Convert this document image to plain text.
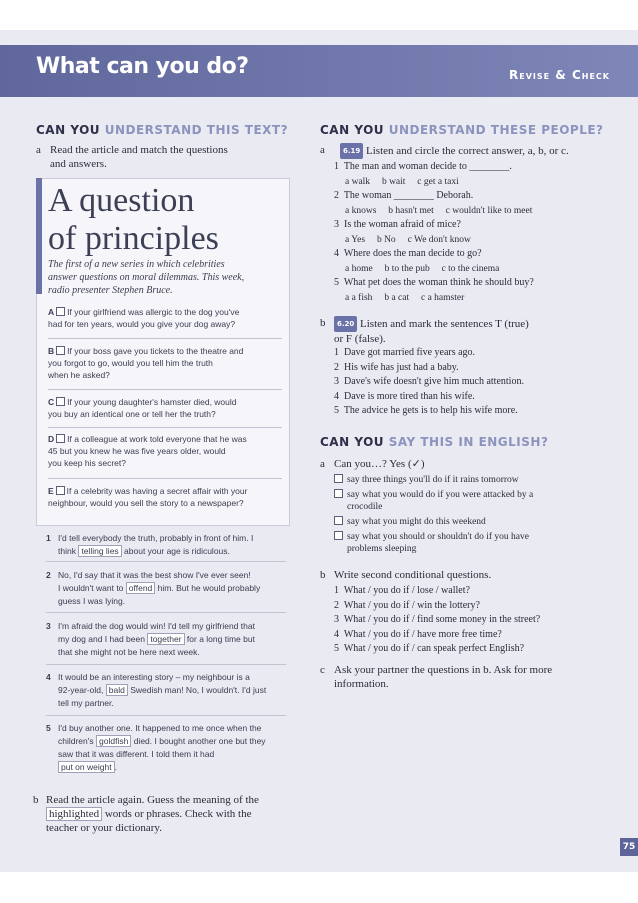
What can you do?	Revise & Check
CAN YOU UNDERSTAND THIS TEXT?
a Read the article and match the questions
and answers.
A question
of principles
The first of a new series in which celebrities
answer questions on moral dilemmas. This week,
radio presenter Stephen Bruce.
A If your girlfriend was allergic to the dog you've
had for ten years, would you give your dog away?
B If your boss gave you tickets to the theatre and
you forgot to go, would you tell him the truth
when he asked?
C If your young daughter's hamster died, would
you buy an identical one or tell her the truth?
D If a colleague at work told everyone that he was
45 but you knew he was five years older, would
you keep his secret?
E If a celebrity was having a secret affair with your
neighbour, would you sell the story to a newspaper?
1 I'd tell everybody the truth, probably in front of him. I
think telling lies about your age is ridiculous.
2 No, I'd say that it was the best show I've ever seen!
I wouldn't want to offend him. But he would probably
guess I was lying.
3 I'm afraid the dog would win! I'd tell my girlfriend that
my dog and I had been together for a long time but
that she might not be here next week.
4 It would be an interesting story – my neighbour is a
92-year-old, bald Swedish man! No, I wouldn't. I'd just
tell my partner.
5 I'd buy another one. It happened to me once when the
children's goldfish died. I bought another one but they
saw that it was different. I told them it had
put on weight .
b Read the article again. Guess the meaning of the
highlighted words or phrases. Check with the
teacher or your dictionary.
CAN YOU UNDERSTAND THESE PEOPLE?
a	6.19 Listen and circle the correct answer, a, b, or c.
1 The man and woman decide to ________.
a walk b wait c get a taxi
2 The woman ________ Deborah.
a knows b hasn't met c wouldn't like to meet
3 Is the woman afraid of mice?
a Yes b No c We don't know
4 Where does the man decide to go?
a home b to the pub c to the cinema
5 What pet does the woman think he should buy?
a a fish b a cat c a hamster
b	6.20 Listen and mark the sentences T (true)
or F (false).
1 Dave got married five years ago.
2 His wife has just had a baby.
3 Dave's wife doesn't give him much attention.
4 Dave is more tired than his wife.
5 The advice he gets is to help his wife more.
CAN YOU SAY THIS IN ENGLISH?
a Can you…? Yes (✓)
say three things you'll do if it rains tomorrow
say what you would do if you were attacked by a
crocodile
say what you might do this weekend
say what you should or shouldn't do if you have
problems sleeping
b Write second conditional questions.
1 What / you do if / lose / wallet?
2 What / you do if / win the lottery?
3 What / you do if / find some money in the street?
4 What / you do if / have more free time?
5 What / you do if / can speak perfect English?
c Ask your partner the questions in b. Ask for more
information.
75
